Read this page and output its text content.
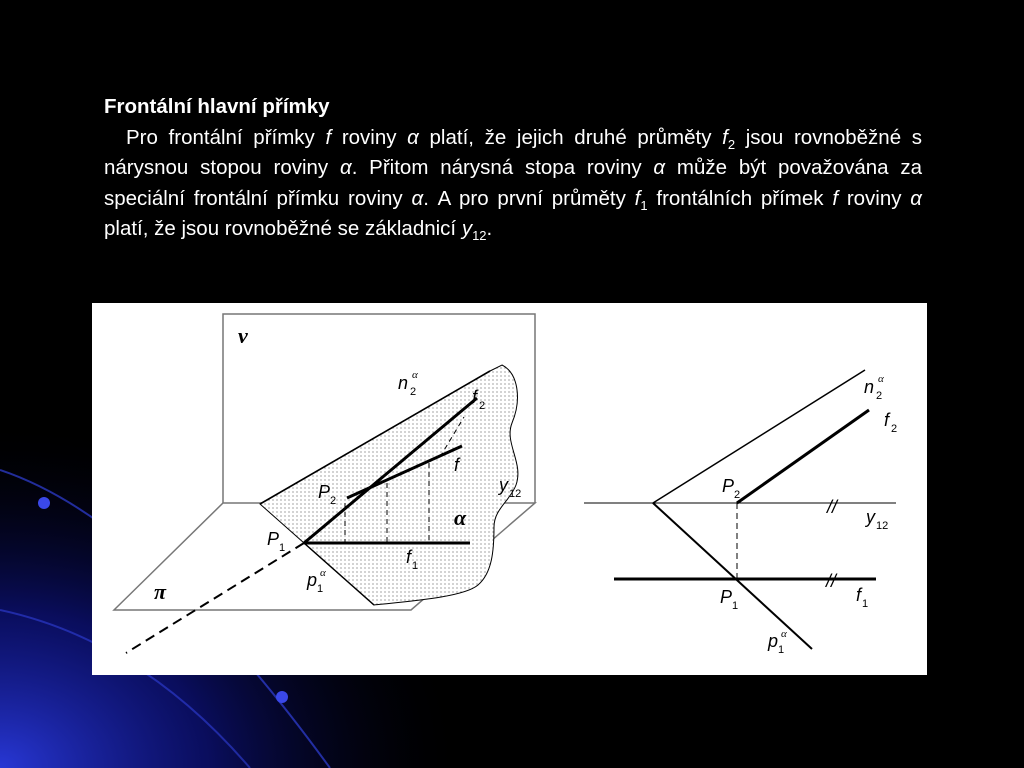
Frontální hlavní přímky

Pro frontální přímky f roviny α platí, že jejich druhé průměty $f_2$ jsou rovnoběžné s nárysnou stopou roviny α. Přitom nárysná stopa roviny α může být považována za speciální frontální přímku roviny α. A pro první průměty $f_1$ frontálních přímek f roviny α platí, že jsou rovnoběžné se základnicí $y_{12}$.

ν
π
α
n 2
α
f 2
f
y 12
P 2
P 1	f 1
p 1
α
//
//
n 2
α
f 2
P 2
y 12
P 1
f 1
p 1
α
